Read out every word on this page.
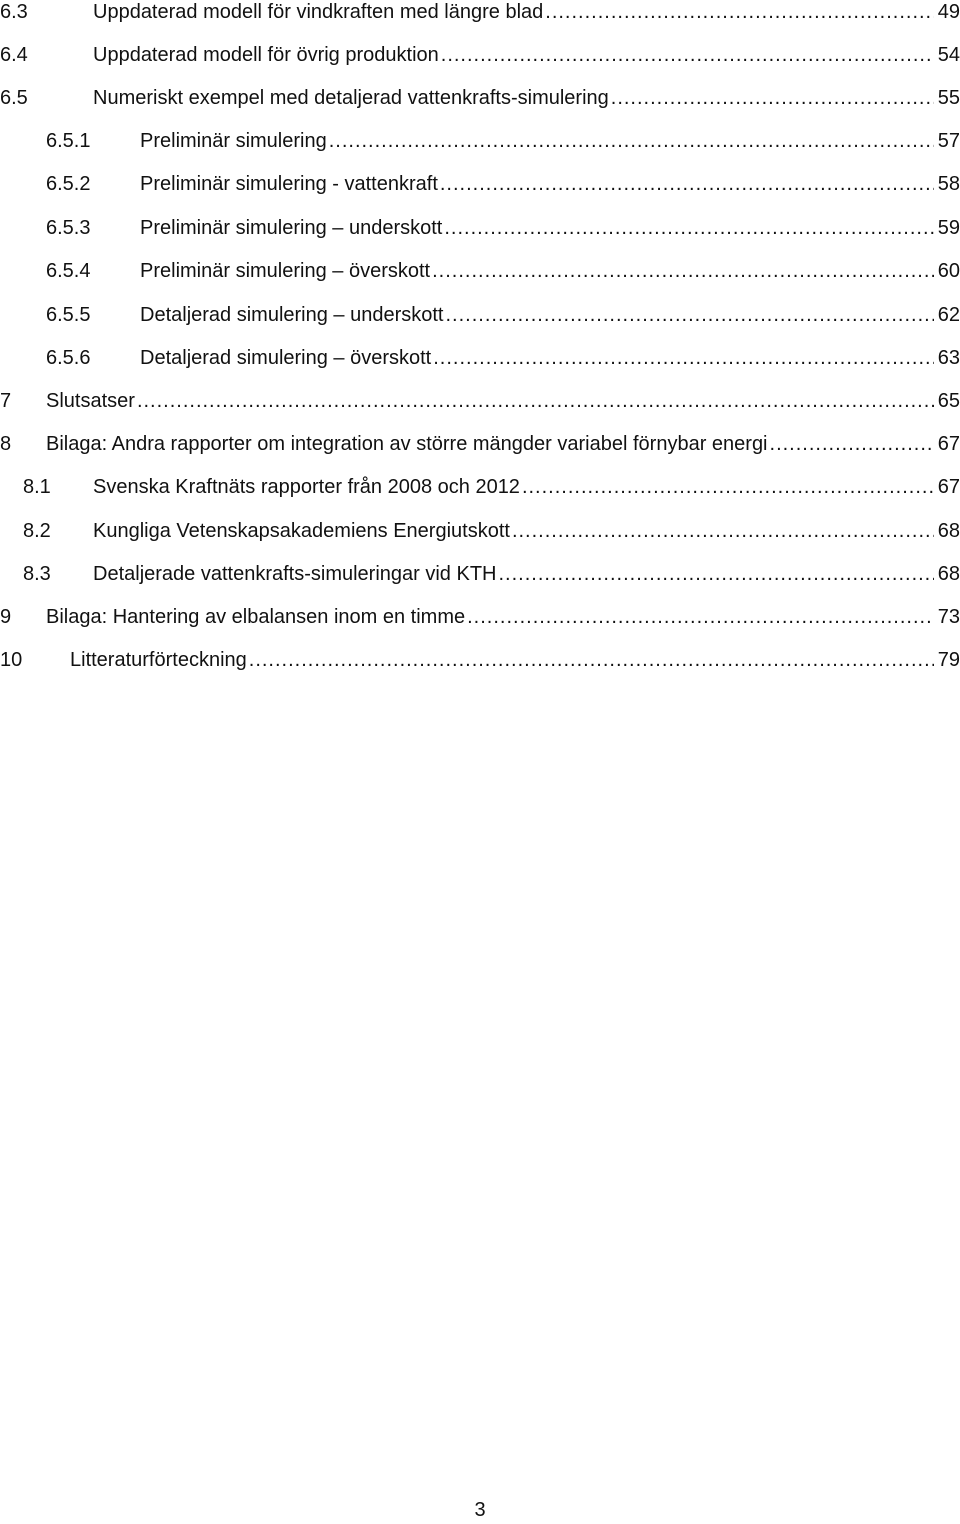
6.3	Uppdaterad modell för vindkraften med längre blad .....	49
6.4	Uppdaterad modell för övrig produktion .....	54
6.5	Numeriskt exempel med detaljerad vattenkrafts-simulering .....	55
6.5.1 Preliminär simulering .....	57
6.5.2 Preliminär simulering - vattenkraft .....	58
6.5.3 Preliminär simulering – underskott .....	59
6.5.4 Preliminär simulering – överskott .....	60
6.5.5 Detaljerad simulering – underskott .....	62
6.5.6 Detaljerad simulering – överskott .....	63
7 Slutsatser .....	65
8 Bilaga: Andra rapporter om integration av större mängder variabel förnybar energi .....	67
8.1 Svenska Kraftnäts rapporter från 2008 och 2012 .....	67
8.2 Kungliga Vetenskapsakademiens Energiutskott .....	68
8.3 Detaljerade vattenkrafts-simuleringar vid KTH .....	68
9 Bilaga: Hantering av elbalansen inom en timme .....	73
10 Litteraturförteckning .....	79
3
